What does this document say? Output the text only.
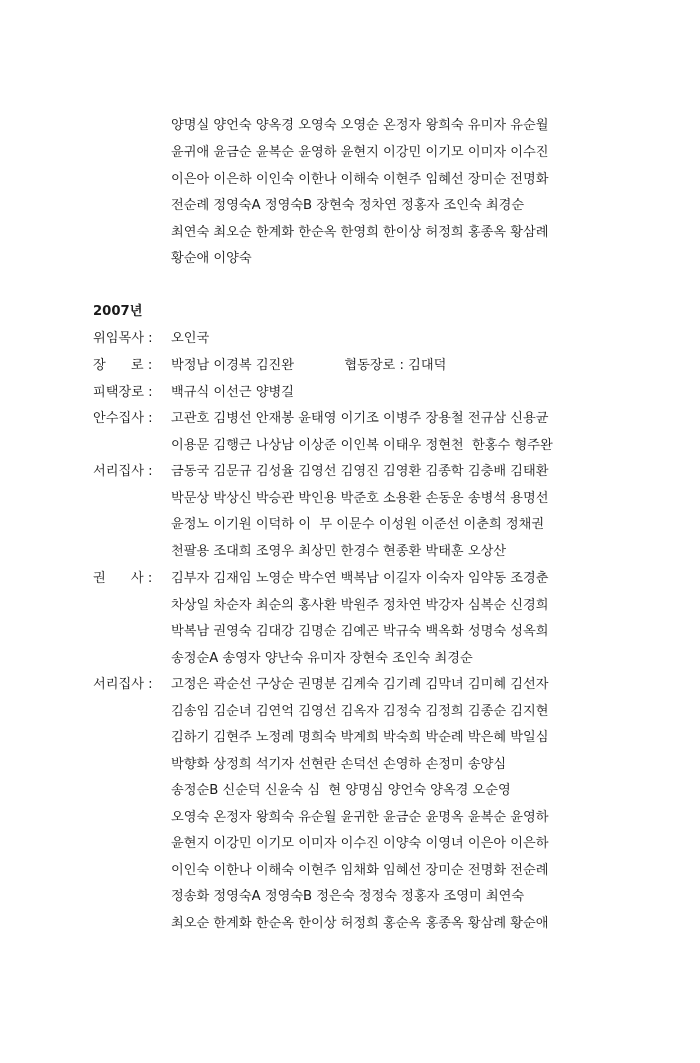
양명실 양언숙 양옥경 오영숙 오영순 온정자 왕희숙 유미자 유순월
윤귀애 윤금순 윤복순 윤영하 윤현지 이강민 이기모 이미자 이수진
이은아 이은하 이인숙 이한나 이해숙 이현주 임혜선 장미순 전명화
전순례 정영숙A 정영숙B 장현숙 정차연 정홍자 조인숙 최경순
최연숙 최오순 한계화 한순옥 한영희 한이상 허정희 홍종옥 황삼례
황순애 이양숙
2007년
위임목사 : 오인국
장      로 : 박정남 이경복 김진완            협동장로 : 김대덕
피택장로 : 백규식 이선근 양병길
안수집사 : 고관호 김병선 안재봉 윤태영 이기조 이병주 장용철 전규삼 신용균
이용문 김행근 나상남 이상준 이인복 이태우 정현천  한홍수 형주완
서리집사 : 금동국 김문규 김성율 김영선 김영진 김영환 김종학 김충배 김태환
박문상 박상신 박승관 박인용 박준호 소용환 손동운 송병석 용명선
윤정노 이기원 이덕하 이  무 이문수 이성원 이준선 이춘희 정채권
천팔용 조대희 조영우 최상민 한경수 현종환 박태훈 오상산
권      사 : 김부자 김재임 노영순 박수연 백복남 이길자 이숙자 임약동 조경춘
차상일 차순자 최순의 홍사환 박원주 정차연 박강자 심복순 신경희
박복남 권영숙 김대강 김명순 김예곤 박규숙 백옥화 성명숙 성옥희
송정순A 송영자 양난숙 유미자 장현숙 조인숙 최경순
서리집사 : 고정은 곽순선 구상순 권명분 김계숙 김기례 김막녀 김미혜 김선자
김송임 김순녀 김연억 김영선 김옥자 김정숙 김정희 김종순 김지현
김하기 김현주 노정례 명희숙 박계희 박숙희 박순례 박은혜 박일심
박향화 상정희 석기자 선현란 손덕선 손영하 손정미 송양심
송정순B 신순덕 신윤숙 심  현 양명심 양언숙 양옥경 오순영
오영숙 온정자 왕희숙 유순월 윤귀한 윤금순 윤명옥 윤복순 윤영하
윤현지 이강민 이기모 이미자 이수진 이양숙 이영녀 이은아 이은하
이인숙 이한나 이해숙 이현주 임채화 임혜선 장미순 전명화 전순례
정송화 정영숙A 정영숙B 정은숙 정정숙 정홍자 조영미 최연숙
최오순 한계화 한순옥 한이상 허정희 홍순옥 홍종옥 황삼례 황순애
